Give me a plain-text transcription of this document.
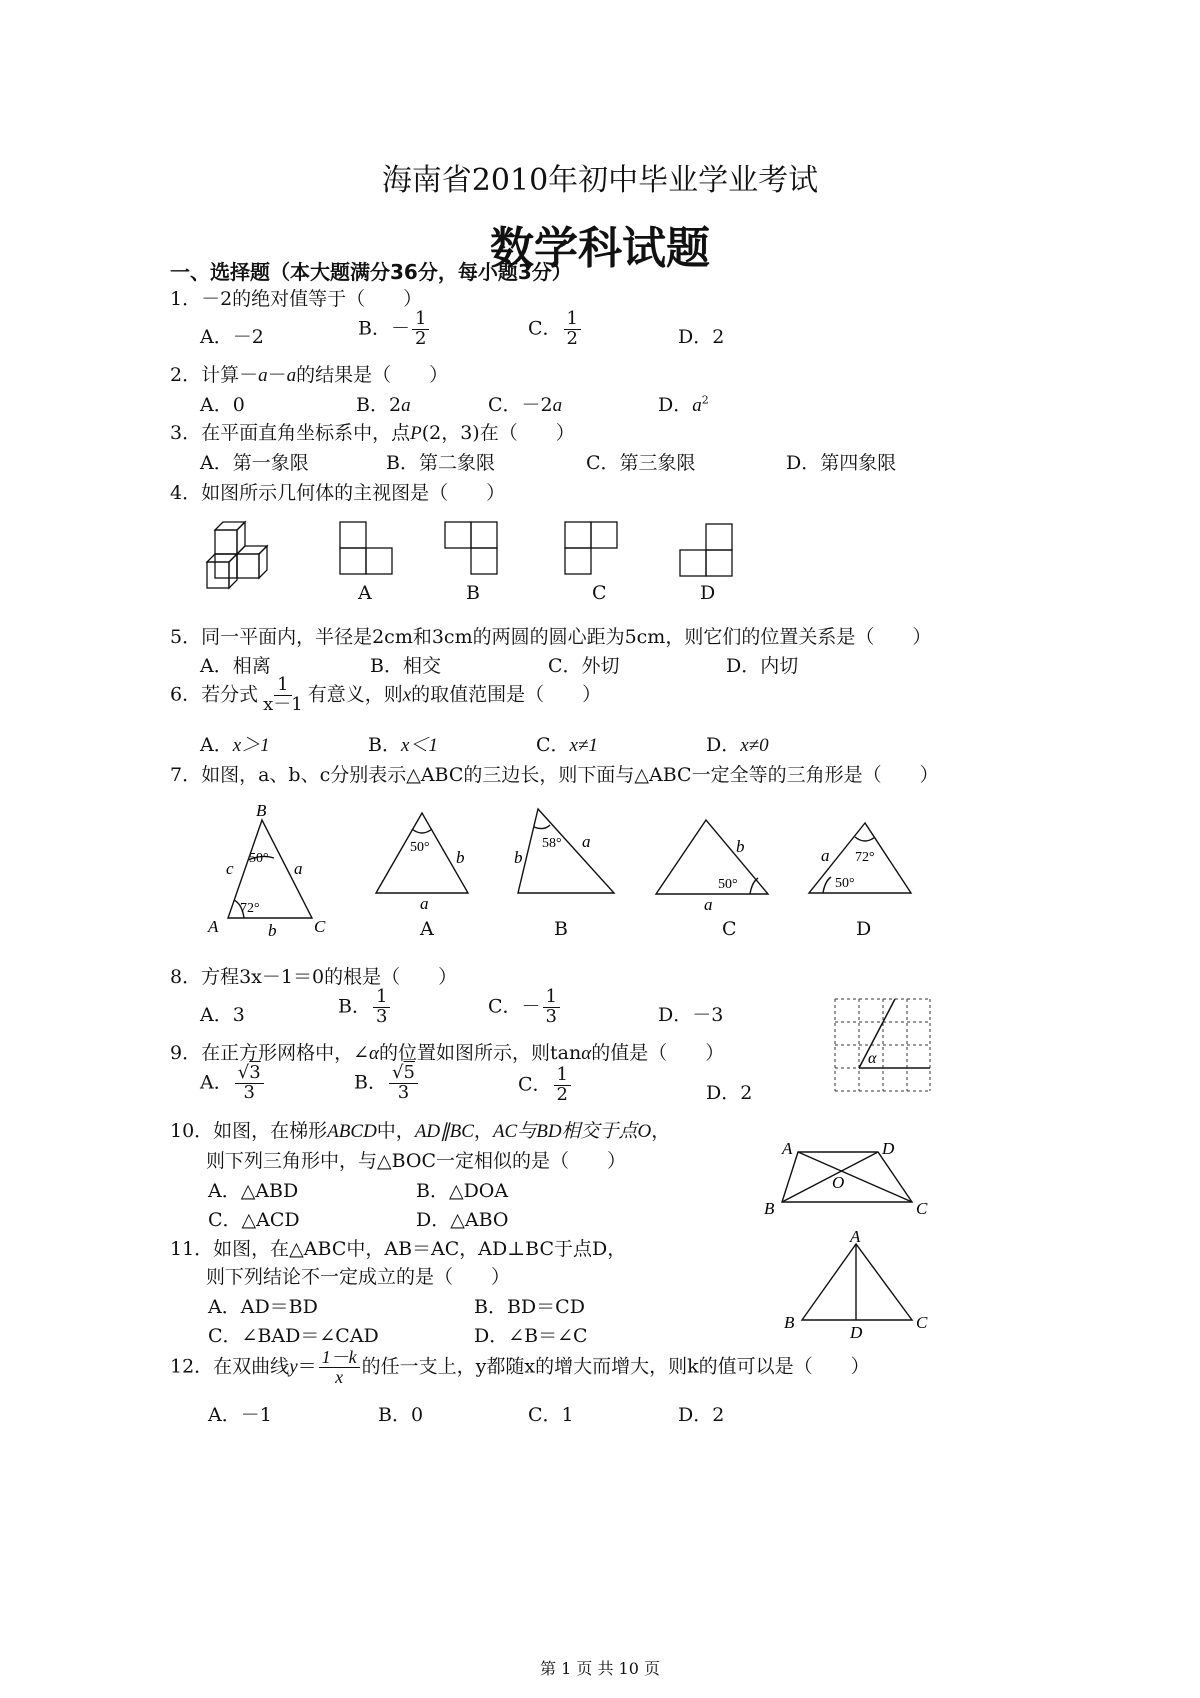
海南省2010年初中毕业学业考试
数学科试题
一、选择题（本大题满分36分，每小题3分）
1．－2的绝对值等于（　　）
A．－2	B．－ $\frac{1}{2}$	C． $\frac{1}{2}$	D．2
2．计算－a－a的结果是（　　）
A．0	B．2a	C．－2a	D．$a^2$
3．在平面直角坐标系中，点P(2，3)在（　　）
A．第一象限	B．第二象限	C．第三象限	D．第四象限
4．如图所示几何体的主视图是（　　）
A	B	C	D
5．同一平面内，半径是2cm和3cm的两圆的圆心距为5cm，则它们的位置关系是（　　）
A．相离	B．相交	C．外切	D．内切
6．若分式 $\frac{1}{x-1}$ 有意义，则x的取值范围是（　　）
A．x＞1	B．x＜1	C．x≠1	D．x≠0
7．如图，a、b、c分别表示△ABC的三边长，则下面与△ABC一定全等的三角形是（　　）
B
A	C
c	a
b
50°
72°
50°
b
a
A
58°
b
a
B
b
50°
a
C
a 72°
50°
D
8．方程3x－1＝0的根是（　　）
A．3	B． $\frac{1}{3}$	C．－ $\frac{1}{3}$	D．－3
α
9．在正方形网格中，∠α的位置如图所示，则tanα的值是（　　）
A． $\frac{√3}{3}$	B． $\frac{√5}{3}$	C． $\frac{1}{2}$	D．2
10．如图，在梯形ABCD中，AD∥BC，AC与BD相交于点O，
则下列三角形中，与△BOC一定相似的是（　　）
A．△ABD	B．△DOA
C．△ACD	D．△ABO
A	D
B	C
O
11．如图，在△ABC中，AB＝AC，AD⊥BC于点D，
则下列结论不一定成立的是（　　）
A．AD＝BD	B．BD＝CD
C．∠BAD＝∠CAD	D．∠B＝∠C
A
B	C
D
12．在双曲线$y= \frac{1-k}{x}$ 的任一支上，y都随x的增大而增大，则k的值可以是（　　）
A．－1	B．0	C．1	D．2
第 1 页 共 10 页
